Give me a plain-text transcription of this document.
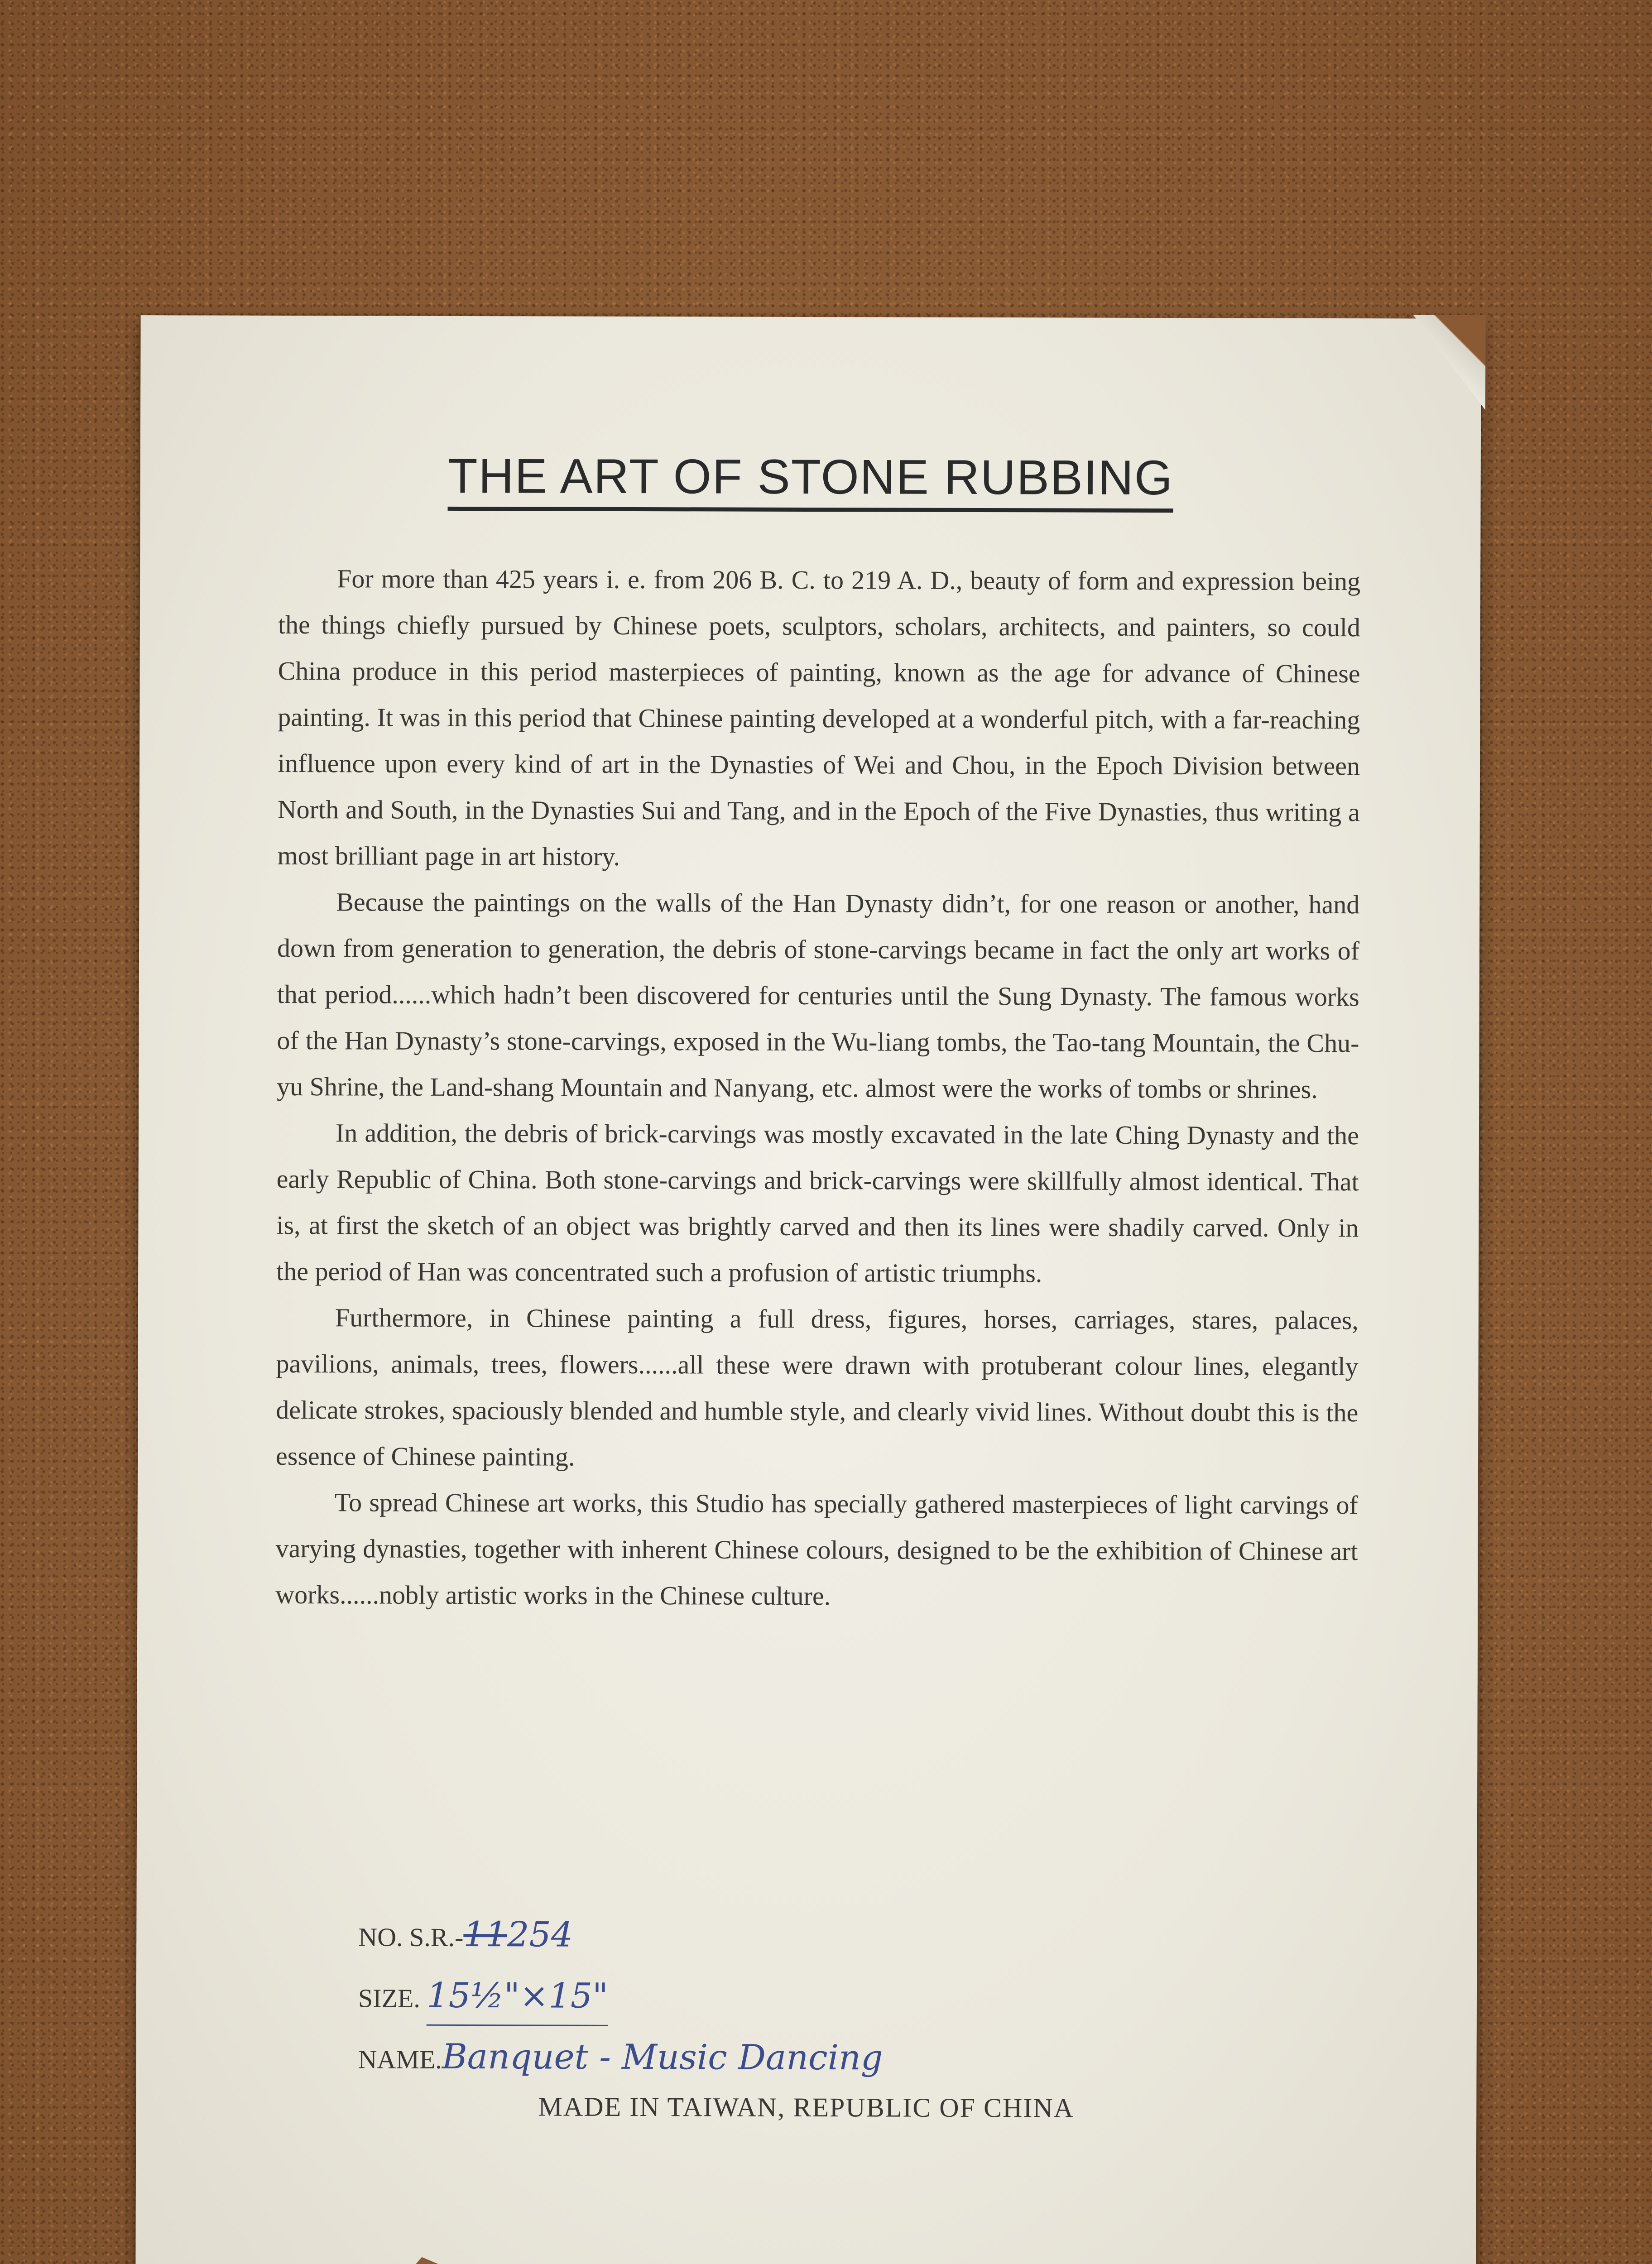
THE ART OF STONE RUBBING

For more than 425 years i. e. from 206 B. C. to 219 A. D., beauty of form and expression being the things chiefly pursued by Chinese poets, sculptors, scholars, architects, and painters, so could China produce in this period masterpieces of painting, known as the age for advance of Chinese painting. It was in this period that Chinese painting developed at a wonderful pitch, with a far-reaching influence upon every kind of art in the Dynasties of Wei and Chou, in the Epoch Division between North and South, in the Dynasties Sui and Tang, and in the Epoch of the Five Dynasties, thus writing a most brilliant page in art history.

Because the paintings on the walls of the Han Dynasty didn’t, for one reason or another, hand down from generation to generation, the debris of stone-carvings became in fact the only art works of that period......which hadn’t been discovered for centuries until the Sung Dynasty. The famous works of the Han Dynasty’s stone-carvings, exposed in the Wu-liang tombs, the Tao-tang Mountain, the Chu-yu Shrine, the Land-shang Mountain and Nanyang, etc. almost were the works of tombs or shrines.

In addition, the debris of brick-carvings was mostly excavated in the late Ching Dynasty and the early Republic of China. Both stone-carvings and brick-carvings were skillfully almost identical. That is, at first the sketch of an object was brightly carved and then its lines were shadily carved. Only in the period of Han was concentrated such a profusion of artistic triumphs.

Furthermore, in Chinese painting a full dress, figures, horses, carriages, stares, palaces, pavilions, animals, trees, flowers......all these were drawn with protuberant colour lines, elegantly delicate strokes, spaciously blended and humble style, and clearly vivid lines. Without doubt this is the essence of Chinese painting.

To spread Chinese art works, this Studio has specially gathered masterpieces of light carvings of varying dynasties, together with inherent Chinese colours, designed to be the exhibition of Chinese art works......nobly artistic works in the Chinese culture.

NO. S.R.-11254
SIZE. 15½"×15"
NAME.Banquet - Music Dancing
MADE IN TAIWAN, REPUBLIC OF CHINA
